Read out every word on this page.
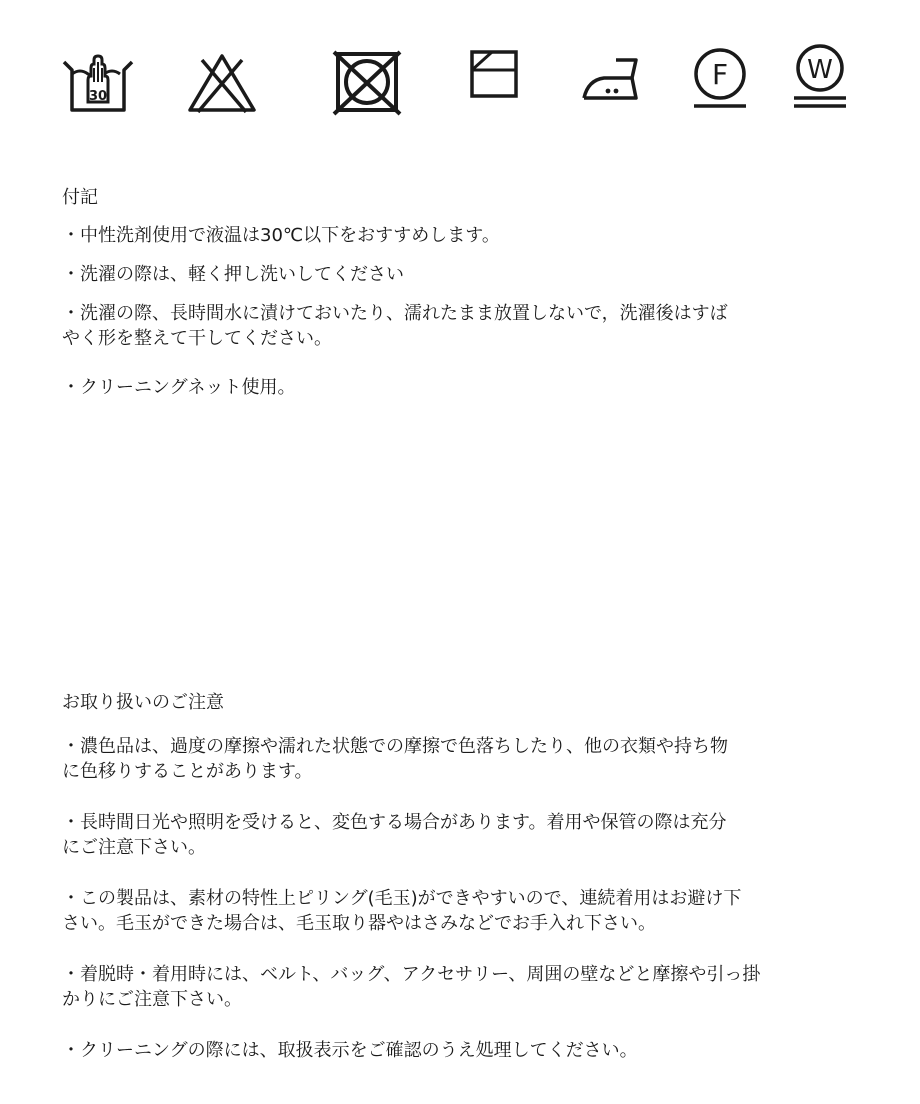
30
F	W
付記
・中性洗剤使用で液温は30℃以下をおすすめします。
・洗濯の際は、軽く押し洗いしてください
・洗濯の際、長時間水に漬けておいたり、濡れたまま放置しないで，洗濯後はすば
やく形を整えて干してください。
・クリーニングネット使用。
お取り扱いのご注意
・濃色品は、過度の摩擦や濡れた状態での摩擦で色落ちしたり、他の衣類や持ち物
に色移りすることがあります。
・長時間日光や照明を受けると、変色する場合があります。着用や保管の際は充分
にご注意下さい。
・この製品は、素材の特性上ピリング(毛玉)ができやすいので、連続着用はお避け下
さい。毛玉ができた場合は、毛玉取り器やはさみなどでお手入れ下さい。
・着脱時・着用時には、ベルト、バッグ、アクセサリー、周囲の壁などと摩擦や引っ掛
かりにご注意下さい。
・クリーニングの際には、取扱表示をご確認のうえ処理してください。
